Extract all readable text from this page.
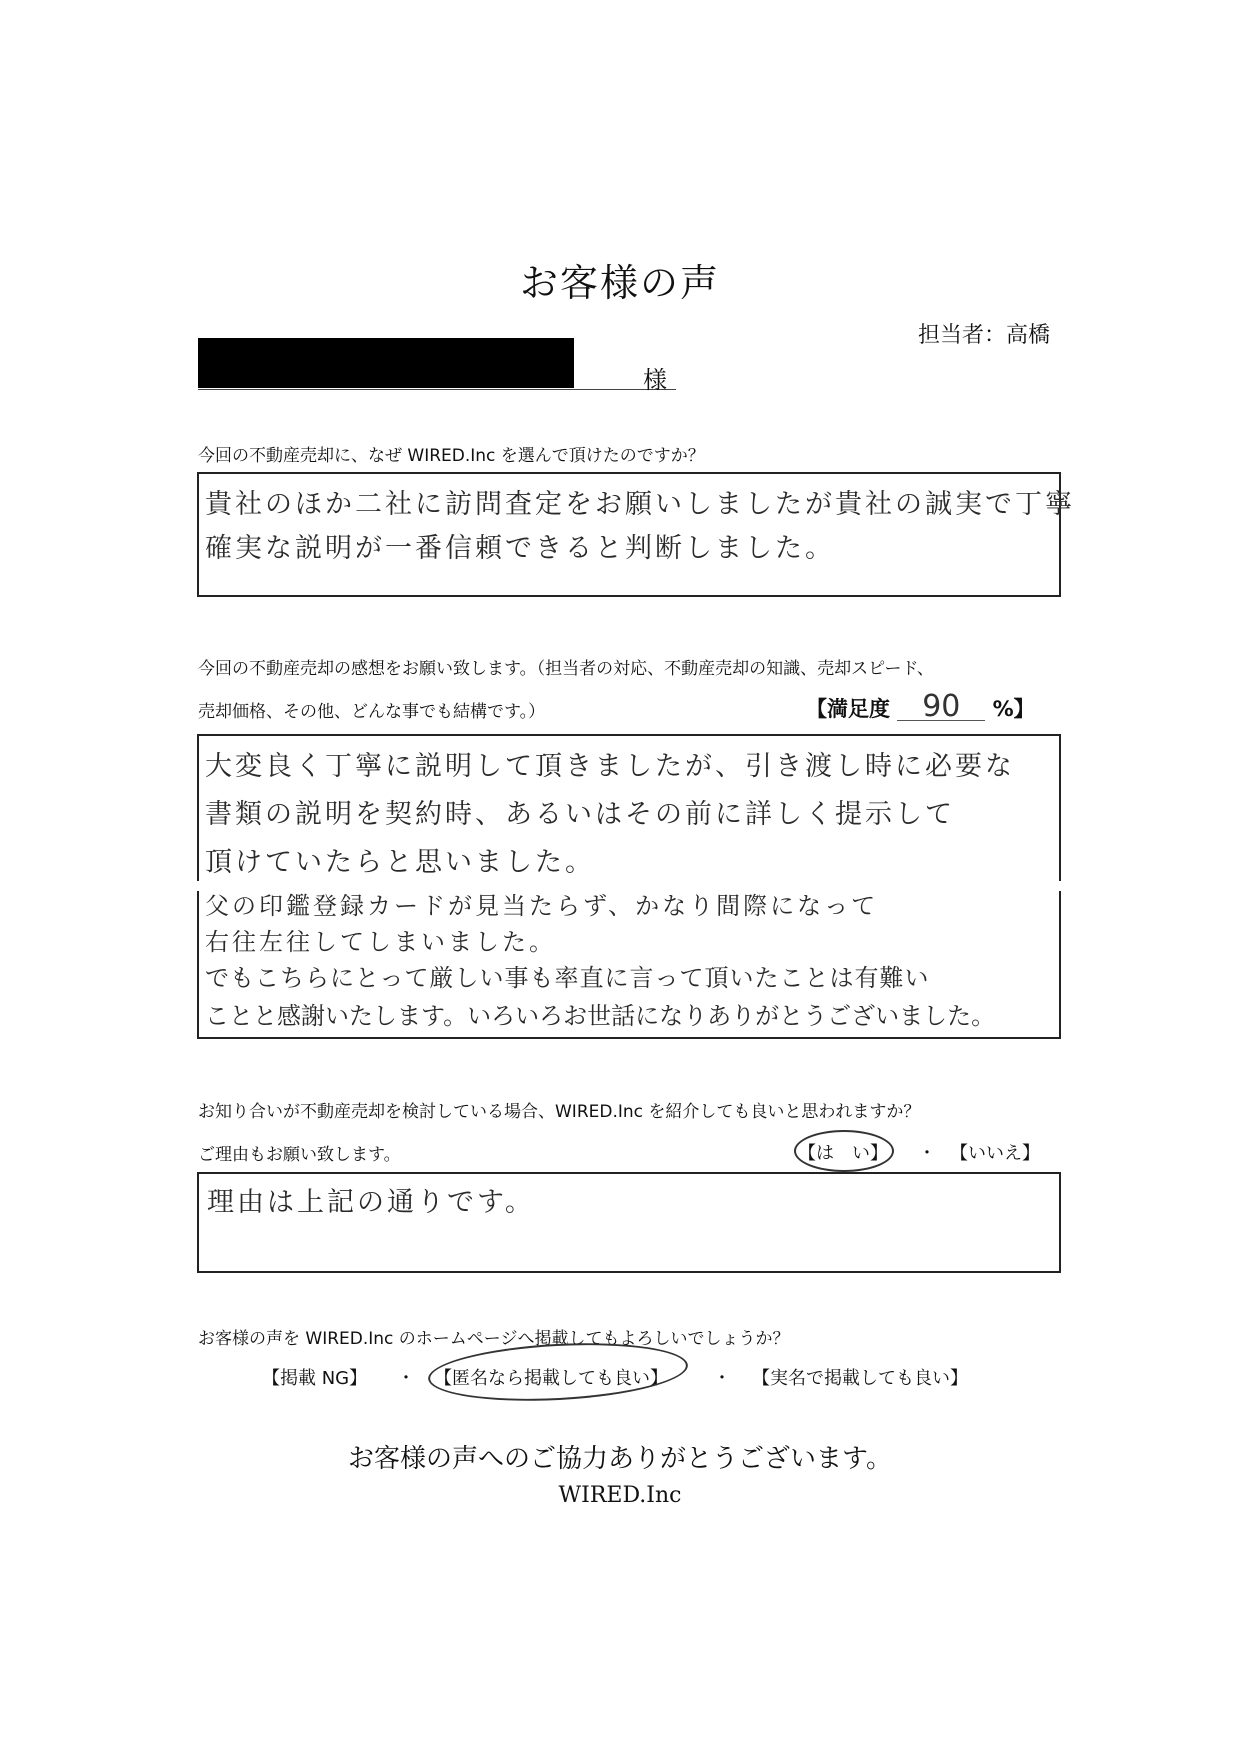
お客様の声
担当者：高橋
様
今回の不動産売却に、なぜ WIRED.Inc を選んで頂けたのですか？
貴社のほか二社に訪問査定をお願いしましたが貴社の誠実で丁寧
確実な説明が一番信頼できると判断しました。
今回の不動産売却の感想をお願い致します。（担当者の対応、不動産売却の知識、売却スピード、
売却価格、その他、どんな事でも結構です。）	【満足度 90 %】
大変良く丁寧に説明して頂きましたが、引き渡し時に必要な
書類の説明を契約時、あるいはその前に詳しく提示して
頂けていたらと思いました。
父の印鑑登録カードが見当たらず、かなり間際になって
右往左往してしまいました。
でもこちらにとって厳しい事も率直に言って頂いたことは有難い
ことと感謝いたします。いろいろお世話になりありがとうございました。
お知り合いが不動産売却を検討している場合、WIRED.Inc を紹介しても良いと思われますか？
ご理由もお願い致します。	【は　い】 ・ 【いいえ】
理由は上記の通りです。
お客様の声を WIRED.Inc のホームページへ掲載してもよろしいでしょうか？
【掲載 NG】 ・ 【匿名なら掲載しても良い】	・ 【実名で掲載しても良い】
お客様の声へのご協力ありがとうございます。
WIRED.Inc
